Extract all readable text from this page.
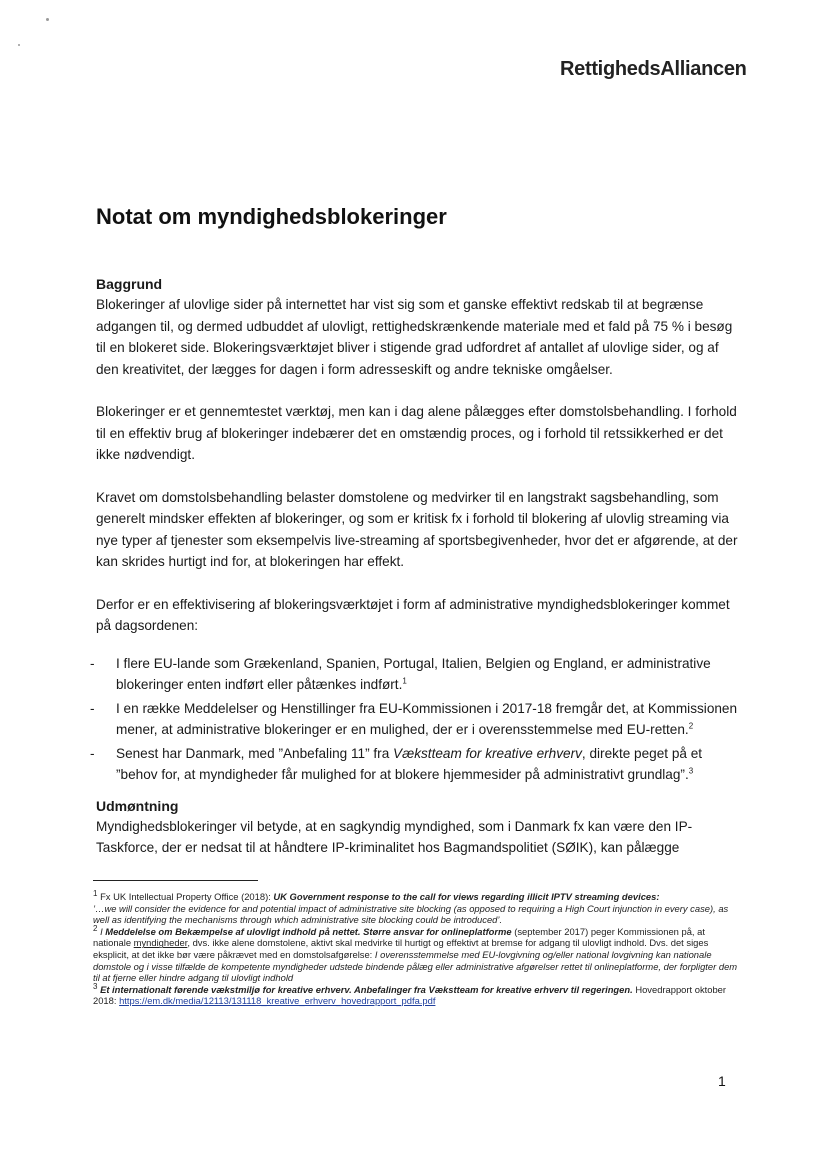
RettighedsAlliancen
Notat om myndighedsblokeringer

Baggrund

Blokeringer af ulovlige sider på internettet har vist sig som et ganske effektivt redskab til at begrænse adgangen til, og dermed udbuddet af ulovligt, rettighedskrænkende materiale med et fald på 75 % i besøg til en blokeret side. Blokeringsværktøjet bliver i stigende grad udfordret af antallet af ulovlige sider, og af den kreativitet, der lægges for dagen i form adresseskift og andre tekniske omgåelser.

Blokeringer er et gennemtestet værktøj, men kan i dag alene pålægges efter domstolsbehandling. I forhold til en effektiv brug af blokeringer indebærer det en omstændig proces, og i forhold til retssikkerhed er det ikke nødvendigt.

Kravet om domstolsbehandling belaster domstolene og medvirker til en langstrakt sagsbehandling, som generelt mindsker effekten af blokeringer, og som er kritisk fx i forhold til blokering af ulovlig streaming via nye typer af tjenester som eksempelvis live-streaming af sportsbegivenheder, hvor det er afgørende, at der kan skrides hurtigt ind for, at blokeringen har effekt.

Derfor er en effektivisering af blokeringsværktøjet i form af administrative myndighedsblokeringer kommet på dagsordenen:

- I flere EU-lande som Grækenland, Spanien, Portugal, Italien, Belgien og England, er administrative blokeringer enten indført eller påtænkes indført.$^1$
- I en række Meddelelser og Henstillinger fra EU-Kommissionen i 2017-18 fremgår det, at Kommissionen mener, at administrative blokeringer er en mulighed, der er i overensstemmelse med EU-retten.$^2$
- Senest har Danmark, med ”Anbefaling 11” fra Vækstteam for kreative erhverv, direkte peget på et ”behov for, at myndigheder får mulighed for at blokere hjemmesider på administrativt grundlag”.$^3$

Udmøntning

Myndighedsblokeringer vil betyde, at en sagkyndig myndighed, som i Danmark fx kan være den IP-Taskforce, der er nedsat til at håndtere IP-kriminalitet hos Bagmandspolitiet (SØIK), kan pålægge

$^1$ Fx UK Intellectual Property Office (2018): UK Government response to the call for views regarding illicit IPTV streaming devices:
’…we will consider the evidence for and potential impact of administrative site blocking (as opposed to requiring a High Court injunction in every case), as well as identifying the mechanisms through which administrative site blocking could be introduced’.

$^2$ I Meddelelse om Bekæmpelse af ulovligt indhold på nettet. Større ansvar for onlineplatforme (september 2017) peger Kommissionen på, at nationale myndigheder, dvs. ikke alene domstolene, aktivt skal medvirke til hurtigt og effektivt at bremse for adgang til ulovligt indhold. Dvs. det siges eksplicit, at det ikke bør være påkrævet med en domstolsafgørelse: I overensstemmelse med EU-lovgivning og/eller national lovgivning kan nationale domstole og i visse tilfælde de kompetente myndigheder udstede bindende pålæg eller administrative afgørelser rettet til onlineplatforme, der forpligter dem til at fjerne eller hindre adgang til ulovligt indhold

$^3$ Et internationalt førende vækstmiljø for kreative erhverv. Anbefalinger fra Vækstteam for kreative erhverv til regeringen. Hovedrapport oktober 2018: https://em.dk/media/12113/131118_kreative_erhverv_hovedrapport_pdfa.pdf

1
